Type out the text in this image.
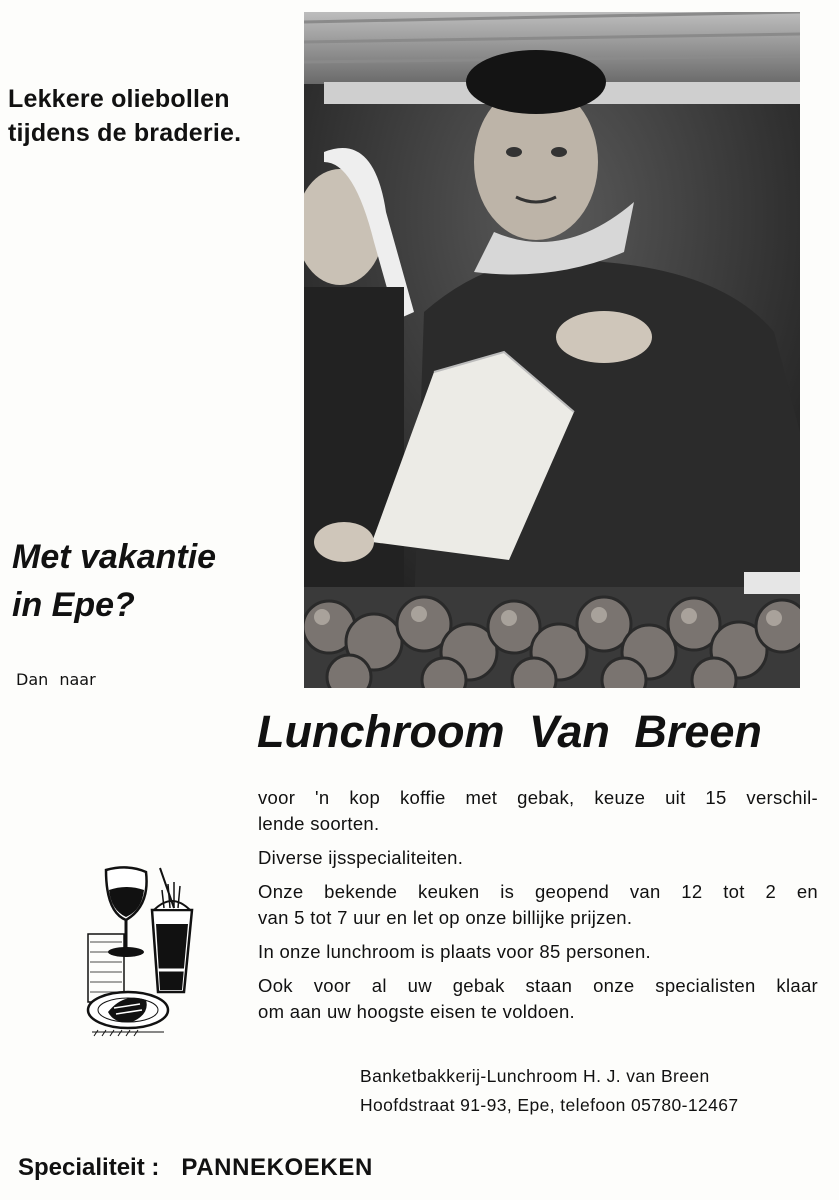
Lekkere oliebollen
tijdens de braderie.
Met vakantie
in Epe?
Dan naar
Lunchroom Van Breen

voor 'n kop koffie met gebak, keuze uit 15 verschil-
lende soorten.

Diverse ijsspecialiteiten.

Onze bekende keuken is geopend van 12 tot 2 en
van 5 tot 7 uur en let op onze billijke prijzen.

In onze lunchroom is plaats voor 85 personen.

Ook voor al uw gebak staan onze specialisten klaar
om aan uw hoogste eisen te voldoen.

Banketbakkerij-Lunchroom H. J. van Breen
Hoofdstraat 91-93, Epe, telefoon 05780-12467
Specialiteit : PANNEKOEKEN
